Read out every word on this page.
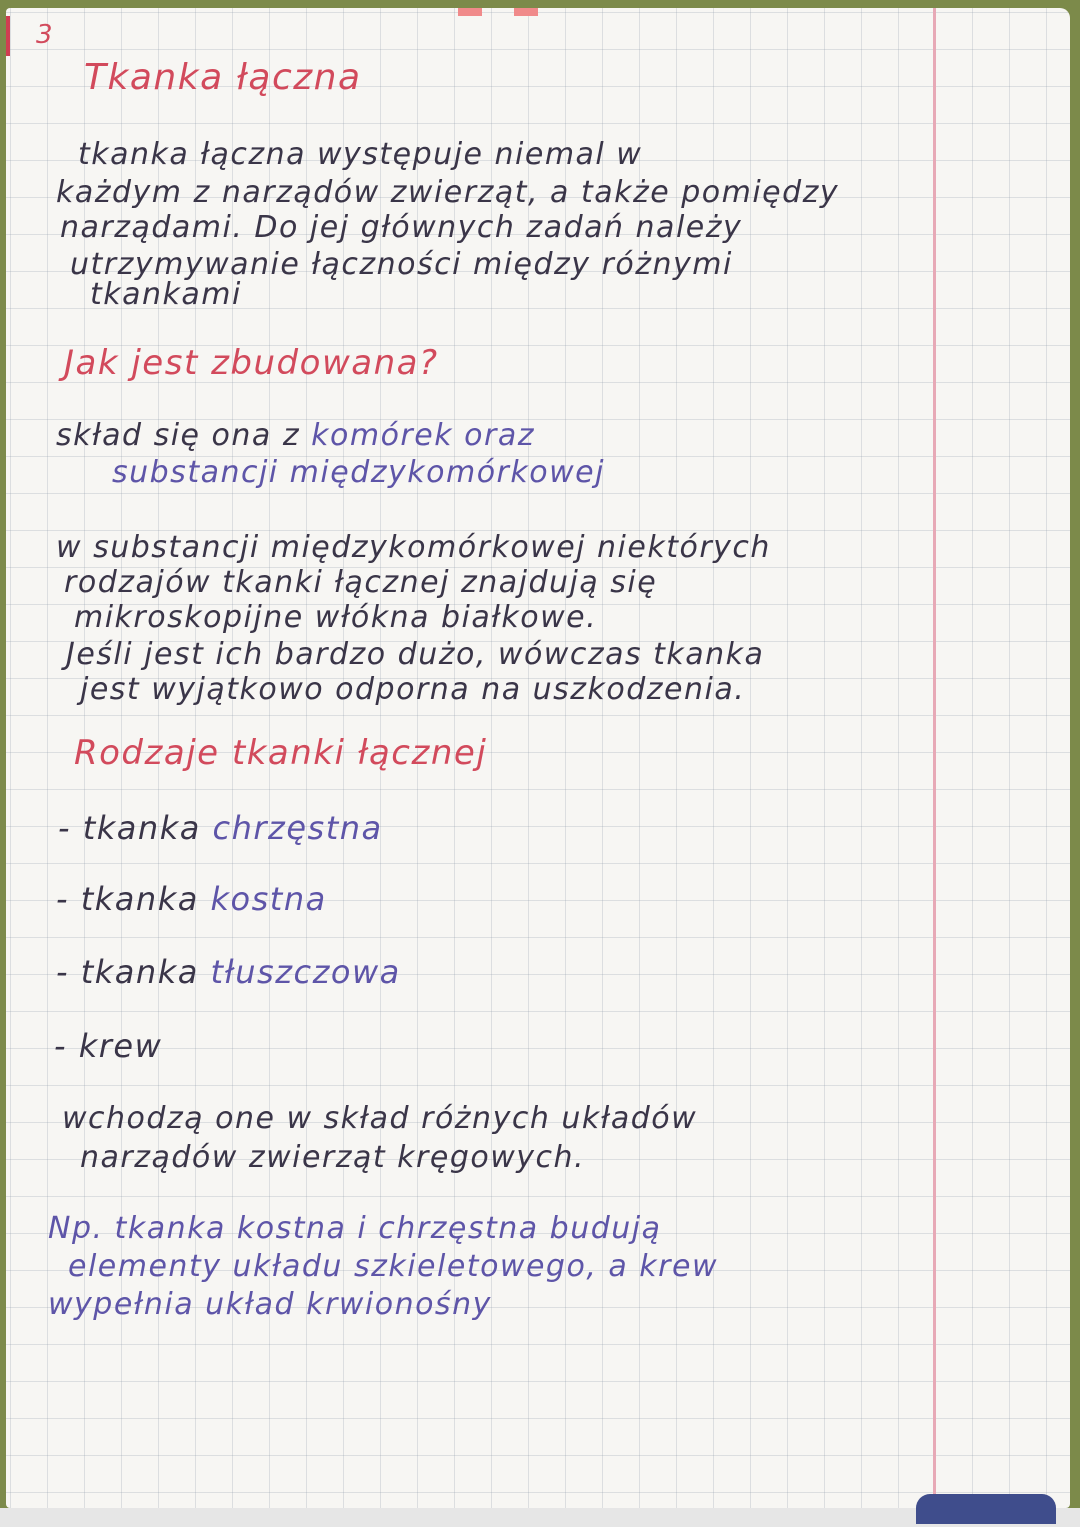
3
Tkanka łączna
tkanka łączna występuje niemal w
każdym z narządów zwierząt, a także pomiędzy
narządami. Do jej głównych zadań należy
utrzymywanie łączności między różnymi
tkankami
Jak jest zbudowana?
skład się ona z komórek oraz
substancji międzykomórkowej
w substancji międzykomórkowej niektórych
rodzajów tkanki łącznej znajdują się
mikroskopijne włókna białkowe.
Jeśli jest ich bardzo dużo, wówczas tkanka
jest wyjątkowo odporna na uszkodzenia.
Rodzaje tkanki łącznej
- tkanka chrzęstna
- tkanka kostna
- tkanka tłuszczowa
- krew
wchodzą one w skład różnych układów
narządów zwierząt kręgowych.
Np. tkanka kostna i chrzęstna budują
elementy układu szkieletowego, a krew
wypełnia układ krwionośny
